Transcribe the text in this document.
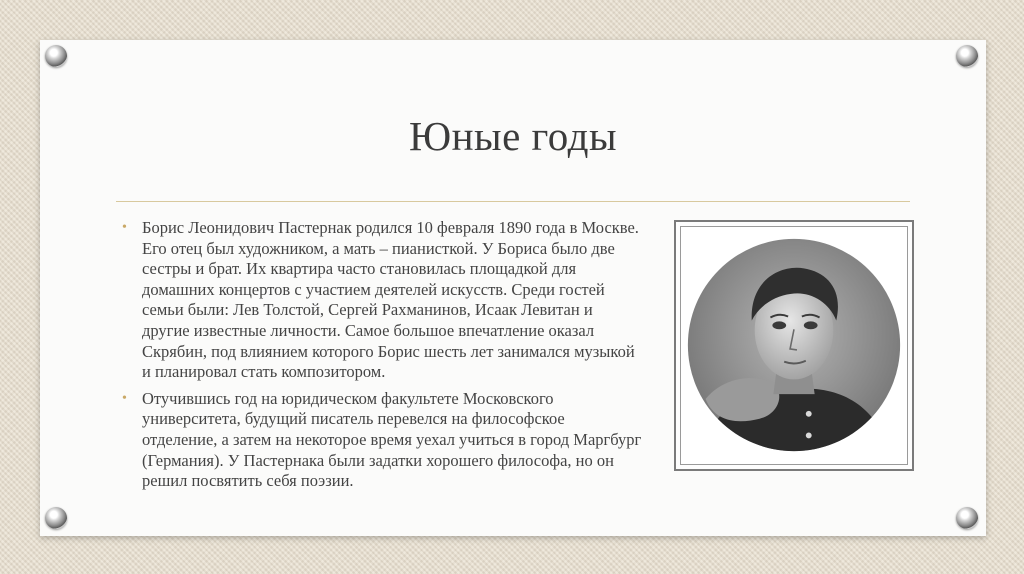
Юные годы
• Борис Леонидович Пастернак родился 10 февраля 1890 года в Москве. Его отец был художником, а мать – пианисткой. У Бориса было две сестры и брат. Их квартира часто становилась площадкой для домашних концертов с участием деятелей искусств. Среди гостей семьи были: Лев Толстой, Сергей Рахманинов, Исаак Левитан и другие известные личности. Самое большое впечатление оказал Скрябин, под влиянием которого Борис шесть лет занимался музыкой и планировал стать композитором.
• Отучившись год на юридическом факультете Московского университета, будущий писатель перевелся на философское отделение, а затем на некоторое время уехал учиться в город Маргбург (Германия). У Пастернака были задатки хорошего философа, но он решил посвятить себя поэзии.
